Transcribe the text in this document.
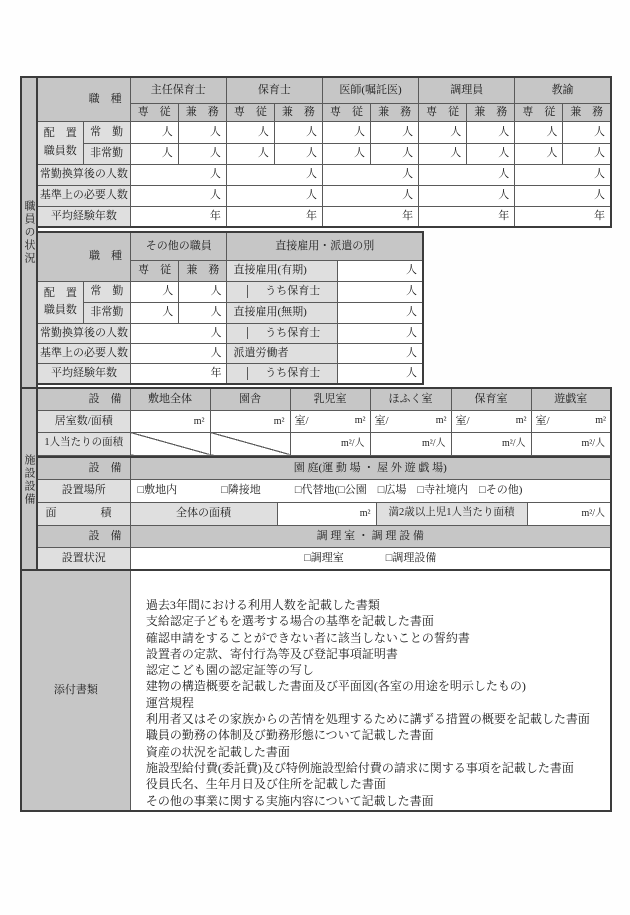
職員の状況
施設設備
職　種		主任保育士		保育士		医師(嘱託医)		調理員		教諭	
		専　従	兼　務	専　従	兼　務	専　従	兼　務	専　従	兼　務	専　従	兼　務

配　置
職員数	常　勤	人	人	人	人	人	人	人	人	人	人
	非常勤	人	人	人	人	人	人	人	人	人	人
常勤換算後の人数		人		人		人		人		人	
基準上の必要人数		人		人		人		人		人	
平均経験年数		年		年		年		年		年	
職　種		その他の職員		直接雇用・派遣の別	
		専　従	兼　務	直接雇用(有期)	人

配　置
職員数	常　勤	人	人	うち保育士	人
	非常勤	人	人	直接雇用(無期)	人
常勤換算後の人数		人		うち保育士	人
基準上の必要人数		人		派遣労働者	人
平均経験年数		年		うち保育士	人
設　備	敷地全体	園舎	乳児室	ほふく室	保育室	遊戯室
居室数/面積	m²	m²	室/ m²	室/ m²	室/ m²	室/ m²

1人当たりの面積			m²/人	m²/人	m²/人	m²/人
設　備	園 庭(運 動 場 ・ 屋 外 遊 戯 場)			
設置場所	□敷地内 □隣接地 □代替地(□公園　□広場　□寺社境内　□その他)			

面　　　　積	全体の面積	m²	満2歳以上児1人当たり面積	m²/人
設　備	調 理 室 ・ 調 理 設 備			
設置状況	□調理室 □調理設備			
添付書類	
過去3年間における利用人数を記載した書類
支給認定子どもを選考する場合の基準を記載した書面
確認申請をすることができない者に該当しないことの誓約書
設置者の定款、寄付行為等及び登記事項証明書
認定こども園の認定証等の写し
建物の構造概要を記載した書面及び平面図(各室の用途を明示したもの)
運営規程
利用者又はその家族からの苦情を処理するために講ずる措置の概要を記載した書面
職員の勤務の体制及び勤務形態について記載した書面
資産の状況を記載した書面
施設型給付費(委託費)及び特例施設型給付費の請求に関する事項を記載した書面
役員氏名、生年月日及び住所を記載した書面
その他の事業に関する実施内容について記載した書面
